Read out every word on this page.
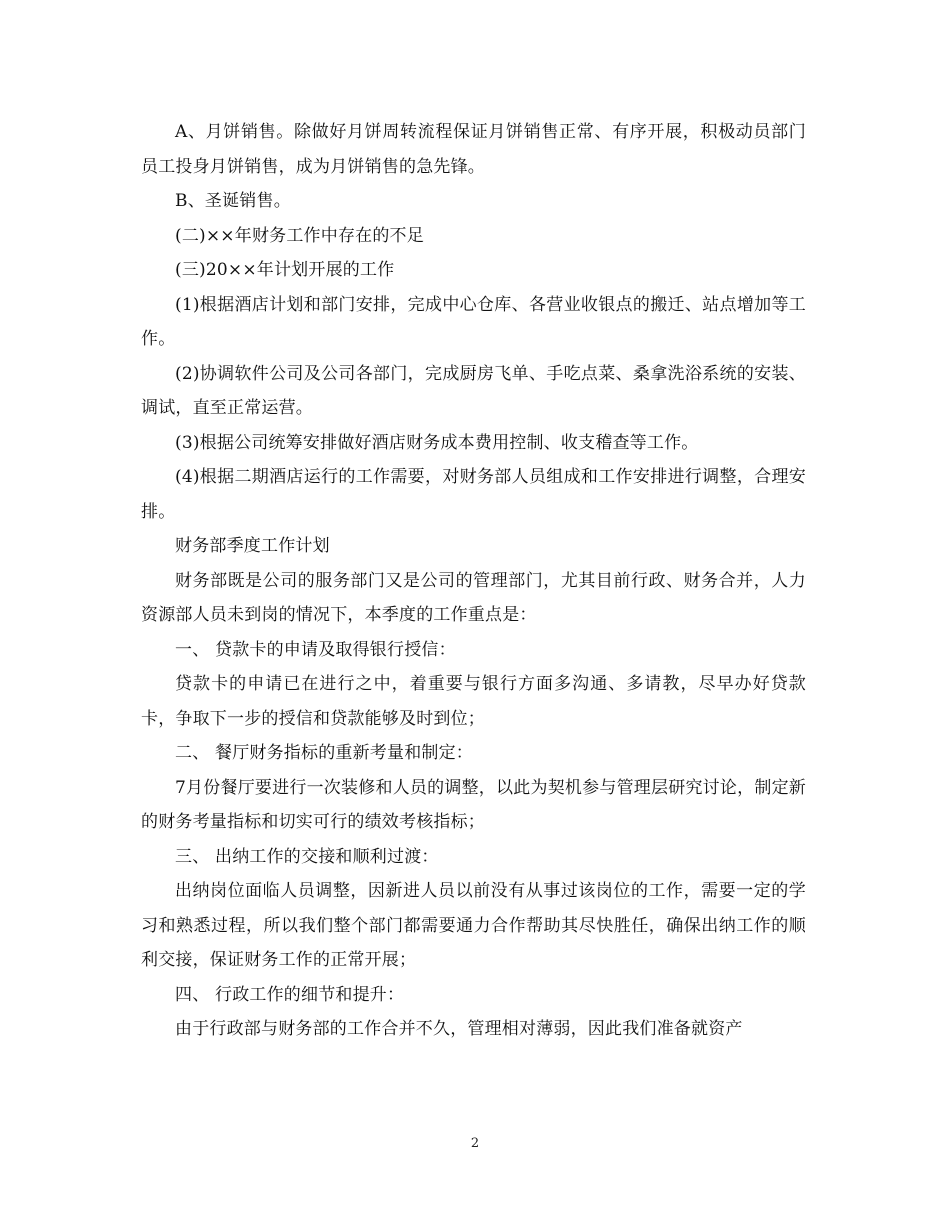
A、月饼销售。除做好月饼周转流程保证月饼销售正常、有序开展，积极动员部门员工投身月饼销售，成为月饼销售的急先锋。

B、圣诞销售。

(二)××年财务工作中存在的不足

(三)20××年计划开展的工作

(1)根据酒店计划和部门安排，完成中心仓库、各营业收银点的搬迁、站点增加等工作。

(2)协调软件公司及公司各部门，完成厨房飞单、手吃点菜、桑拿洗浴系统的安装、调试，直至正常运营。

(3)根据公司统筹安排做好酒店财务成本费用控制、收支稽查等工作。

(4)根据二期酒店运行的工作需要，对财务部人员组成和工作安排进行调整，合理安排。

财务部季度工作计划

财务部既是公司的服务部门又是公司的管理部门，尤其目前行政、财务合并，人力资源部人员未到岗的情况下，本季度的工作重点是：

一、 贷款卡的申请及取得银行授信：

贷款卡的申请已在进行之中，着重要与银行方面多沟通、多请教，尽早办好贷款卡，争取下一步的授信和贷款能够及时到位；

二、 餐厅财务指标的重新考量和制定：

7月份餐厅要进行一次装修和人员的调整，以此为契机参与管理层研究讨论，制定新的财务考量指标和切实可行的绩效考核指标；

三、 出纳工作的交接和顺利过渡：

出纳岗位面临人员调整，因新进人员以前没有从事过该岗位的工作，需要一定的学习和熟悉过程，所以我们整个部门都需要通力合作帮助其尽快胜任，确保出纳工作的顺利交接，保证财务工作的正常开展；

四、 行政工作的细节和提升：

由于行政部与财务部的工作合并不久，管理相对薄弱，因此我们准备就资产

2
